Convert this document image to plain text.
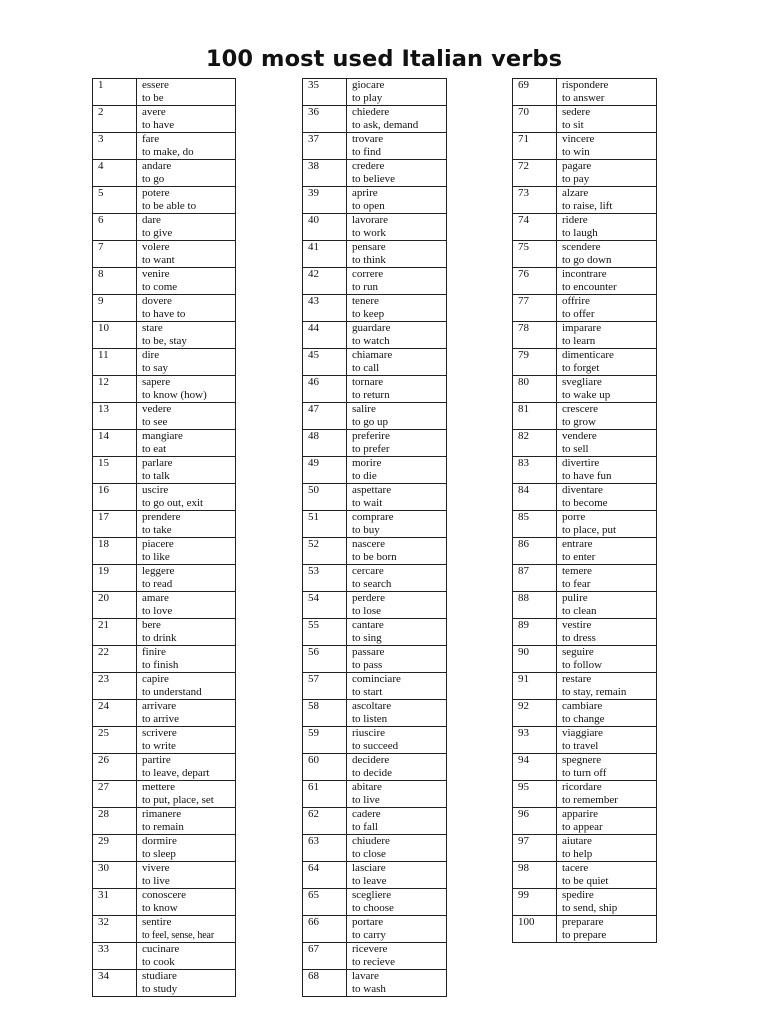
100 most used Italian verbs
1	essere
to be

2	avere
to have

3	fare
to make, do

4	andare
to go

5	potere
to be able to

6	dare
to give

7	volere
to want

8	venire
to come

9	dovere
to have to

10	stare
to be, stay

11	dire
to say

12	sapere
to know (how)

13	vedere
to see

14	mangiare
to eat

15	parlare
to talk

16	uscire
to go out, exit

17	prendere
to take

18	piacere
to like

19	leggere
to read

20	amare
to love

21	bere
to drink

22	finire
to finish

23	capire
to understand

24	arrivare
to arrive

25	scrivere
to write

26	partire
to leave, depart

27	mettere
to put, place, set

28	rimanere
to remain

29	dormire
to sleep

30	vivere
to live

31	conoscere
to know

32	sentire
to feel, sense, hear

33	cucinare
to cook

34	studiare
to study
35	giocare
to play

36	chiedere
to ask, demand

37	trovare
to find

38	credere
to believe

39	aprire
to open

40	lavorare
to work

41	pensare
to think

42	correre
to run

43	tenere
to keep

44	guardare
to watch

45	chiamare
to call

46	tornare
to return

47	salire
to go up

48	preferire
to prefer

49	morire
to die

50	aspettare
to wait

51	comprare
to buy

52	nascere
to be born

53	cercare
to search

54	perdere
to lose

55	cantare
to sing

56	passare
to pass

57	cominciare
to start

58	ascoltare
to listen

59	riuscire
to succeed

60	decidere
to decide

61	abitare
to live

62	cadere
to fall

63	chiudere
to close

64	lasciare
to leave

65	scegliere
to choose

66	portare
to carry

67	ricevere
to recieve

68	lavare
to wash
69	rispondere
to answer

70	sedere
to sit

71	vincere
to win

72	pagare
to pay

73	alzare
to raise, lift

74	ridere
to laugh

75	scendere
to go down

76	incontrare
to encounter

77	offrire
to offer

78	imparare
to learn

79	dimenticare
to forget

80	svegliare
to wake up

81	crescere
to grow

82	vendere
to sell

83	divertire
to have fun

84	diventare
to become

85	porre
to place, put

86	entrare
to enter

87	temere
to fear

88	pulire
to clean

89	vestire
to dress

90	seguire
to follow

91	restare
to stay, remain

92	cambiare
to change

93	viaggiare
to travel

94	spegnere
to turn off

95	ricordare
to remember

96	apparire
to appear

97	aiutare
to help

98	tacere
to be quiet

99	spedire
to send, ship

100	preparare
to prepare
